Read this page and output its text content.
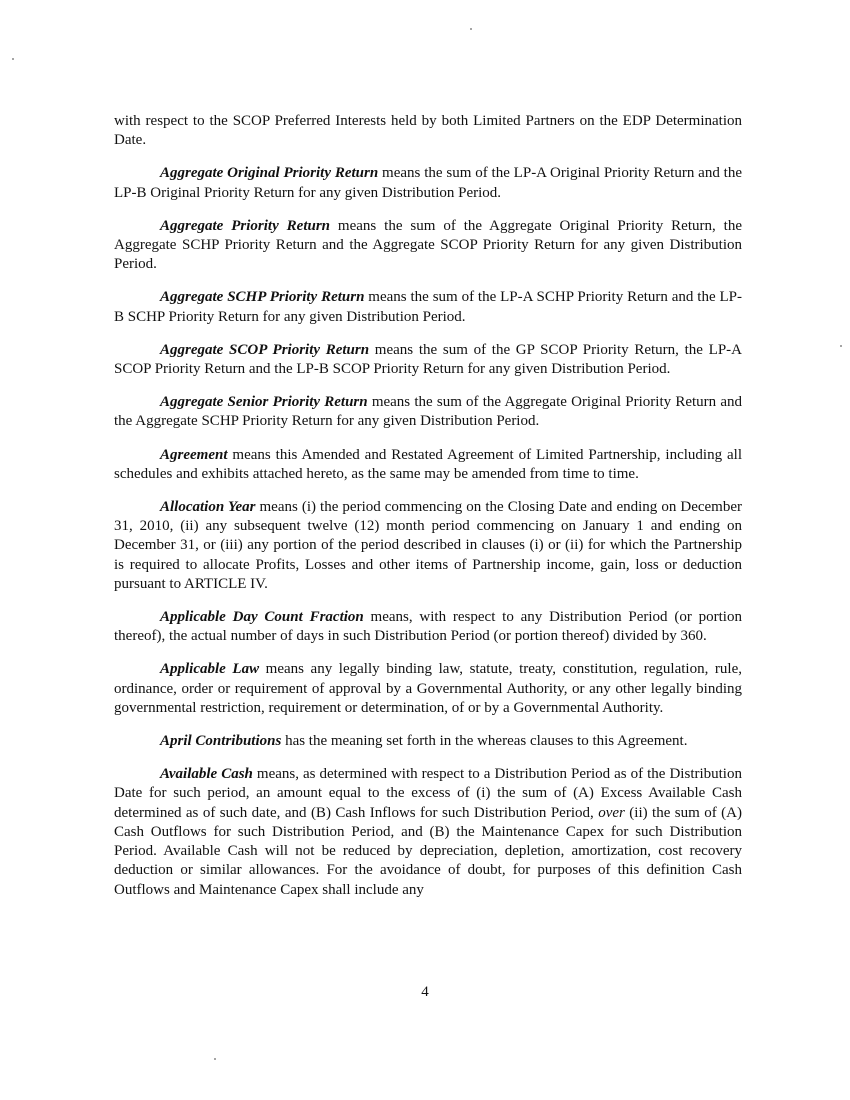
with respect to the SCOP Preferred Interests held by both Limited Partners on the EDP Determination Date.

Aggregate Original Priority Return means the sum of the LP-A Original Priority Return and the LP-B Original Priority Return for any given Distribution Period.

Aggregate Priority Return means the sum of the Aggregate Original Priority Return, the Aggregate SCHP Priority Return and the Aggregate SCOP Priority Return for any given Distribution Period.

Aggregate SCHP Priority Return means the sum of the LP-A SCHP Priority Return and the LP-B SCHP Priority Return for any given Distribution Period.

Aggregate SCOP Priority Return means the sum of the GP SCOP Priority Return, the LP-A SCOP Priority Return and the LP-B SCOP Priority Return for any given Distribution Period.

Aggregate Senior Priority Return means the sum of the Aggregate Original Priority Return and the Aggregate SCHP Priority Return for any given Distribution Period.

Agreement means this Amended and Restated Agreement of Limited Partnership, including all schedules and exhibits attached hereto, as the same may be amended from time to time.

Allocation Year means (i) the period commencing on the Closing Date and ending on December 31, 2010, (ii) any subsequent twelve (12) month period commencing on January 1 and ending on December 31, or (iii) any portion of the period described in clauses (i) or (ii) for which the Partnership is required to allocate Profits, Losses and other items of Partnership income, gain, loss or deduction pursuant to ARTICLE IV.

Applicable Day Count Fraction means, with respect to any Distribution Period (or portion thereof), the actual number of days in such Distribution Period (or portion thereof) divided by 360.

Applicable Law means any legally binding law, statute, treaty, constitution, regulation, rule, ordinance, order or requirement of approval by a Governmental Authority, or any other legally binding governmental restriction, requirement or determination, of or by a Governmental Authority.

April Contributions has the meaning set forth in the whereas clauses to this Agreement.

Available Cash means, as determined with respect to a Distribution Period as of the Distribution Date for such period, an amount equal to the excess of (i) the sum of (A) Excess Available Cash determined as of such date, and (B) Cash Inflows for such Distribution Period, over (ii) the sum of (A) Cash Outflows for such Distribution Period, and (B) the Maintenance Capex for such Distribution Period. Available Cash will not be reduced by depreciation, depletion, amortization, cost recovery deduction or similar allowances. For the avoidance of doubt, for purposes of this definition Cash Outflows and Maintenance Capex shall include any

4
